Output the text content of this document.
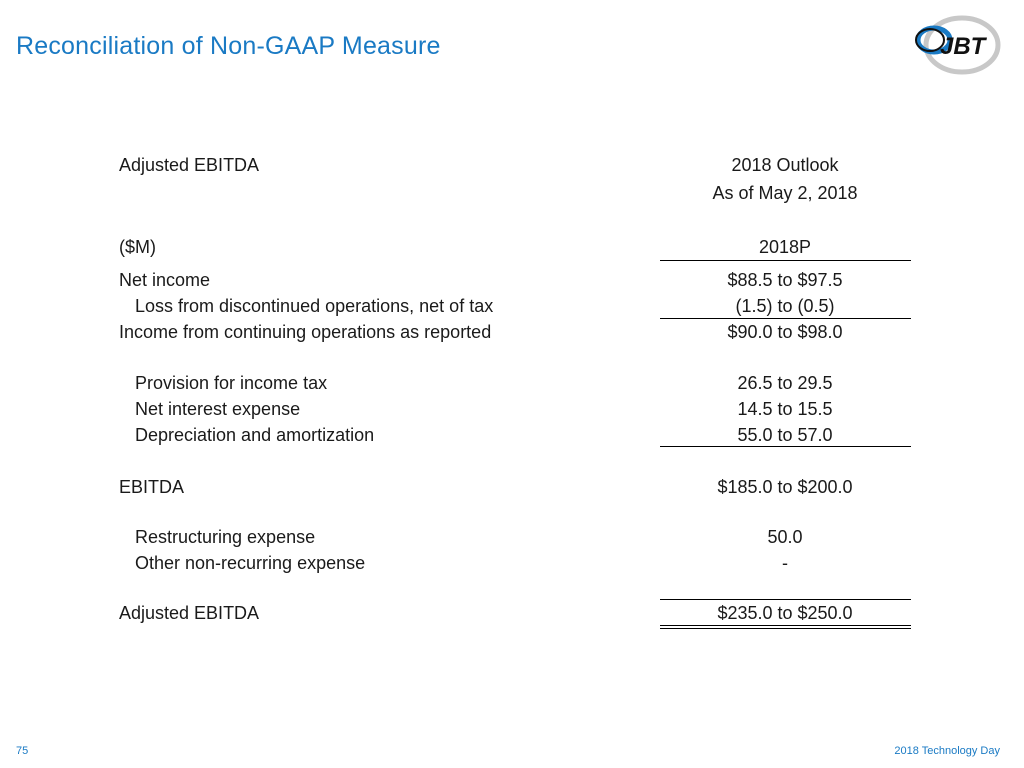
Reconciliation of Non-GAAP Measure	JBT
Adjusted EBITDA	2018 Outlook
As of May 2, 2018
($M)	2018P
Net income	$88.5 to $97.5
Loss from discontinued operations, net of tax	(1.5) to (0.5)
Income from continuing operations as reported	$90.0 to $98.0
Provision for income tax	26.5 to 29.5
Net interest expense	14.5 to 15.5
Depreciation and amortization	55.0 to 57.0
EBITDA	$185.0 to $200.0
Restructuring expense	50.0
Other non-recurring expense	-
Adjusted EBITDA	$235.0 to $250.0
75	2018 Technology Day
